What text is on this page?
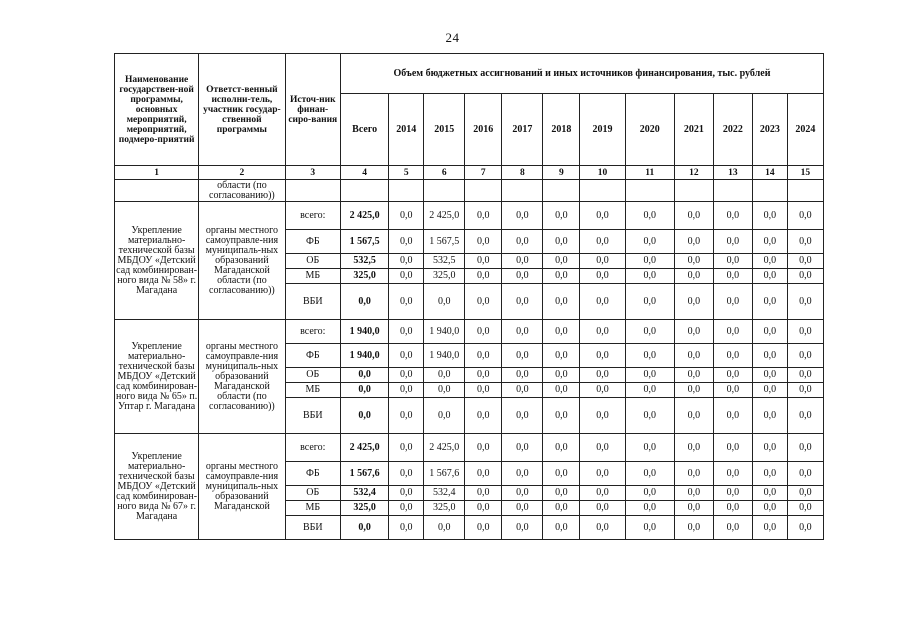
24
Наименование государствен-ной программы, основных мероприятий, мероприятий, подмеро-приятий	Ответст-венный исполни-тель, участник государ-ственной программы	Источ-ник финан-сиро-вания	Объем бюджетных ассигнований и иных источников финансирования, тыс. рублей											
			Всего	2014	2015	2016	2017	2018	2019	2020	2021	2022	2023	2024
1	2	3	4	5	6	7	8	9	10	11	12	13	14	15
	области (по согласованию))													
Укрепление материально-технической базы МБДОУ «Детский сад комбинирован-ного вида № 58» г. Магадана	органы местного самоуправле-ния муниципаль-ных образований Магаданской области (по согласованию))	всего:	2 425,0	0,0	2 425,0	0,0	0,0	0,0	0,0	0,0	0,0	0,0	0,0	0,0
		ФБ	1 567,5	0,0	1 567,5	0,0	0,0	0,0	0,0	0,0	0,0	0,0	0,0	0,0
		ОБ	532,5	0,0	532,5	0,0	0,0	0,0	0,0	0,0	0,0	0,0	0,0	0,0
		МБ	325,0	0,0	325,0	0,0	0,0	0,0	0,0	0,0	0,0	0,0	0,0	0,0
		ВБИ	0,0	0,0	0,0	0,0	0,0	0,0	0,0	0,0	0,0	0,0	0,0	0,0
Укрепление материально-технической базы МБДОУ «Детский сад комбинирован-ного вида № 65» п. Уптар г. Магадана	органы местного самоуправле-ния муниципаль-ных образований Магаданской области (по согласованию))	всего:	1 940,0	0,0	1 940,0	0,0	0,0	0,0	0,0	0,0	0,0	0,0	0,0	0,0
		ФБ	1 940,0	0,0	1 940,0	0,0	0,0	0,0	0,0	0,0	0,0	0,0	0,0	0,0
		ОБ	0,0	0,0	0,0	0,0	0,0	0,0	0,0	0,0	0,0	0,0	0,0	0,0
		МБ	0,0	0,0	0,0	0,0	0,0	0,0	0,0	0,0	0,0	0,0	0,0	0,0
		ВБИ	0,0	0,0	0,0	0,0	0,0	0,0	0,0	0,0	0,0	0,0	0,0	0,0
Укрепление материально-технической базы МБДОУ «Детский сад комбинирован-ного вида № 67» г. Магадана	органы местного самоуправле-ния муниципаль-ных образований Магаданской	всего:	2 425,0	0,0	2 425,0	0,0	0,0	0,0	0,0	0,0	0,0	0,0	0,0	0,0
		ФБ	1 567,6	0,0	1 567,6	0,0	0,0	0,0	0,0	0,0	0,0	0,0	0,0	0,0
		ОБ	532,4	0,0	532,4	0,0	0,0	0,0	0,0	0,0	0,0	0,0	0,0	0,0
		МБ	325,0	0,0	325,0	0,0	0,0	0,0	0,0	0,0	0,0	0,0	0,0	0,0
		ВБИ	0,0	0,0	0,0	0,0	0,0	0,0	0,0	0,0	0,0	0,0	0,0	0,0
